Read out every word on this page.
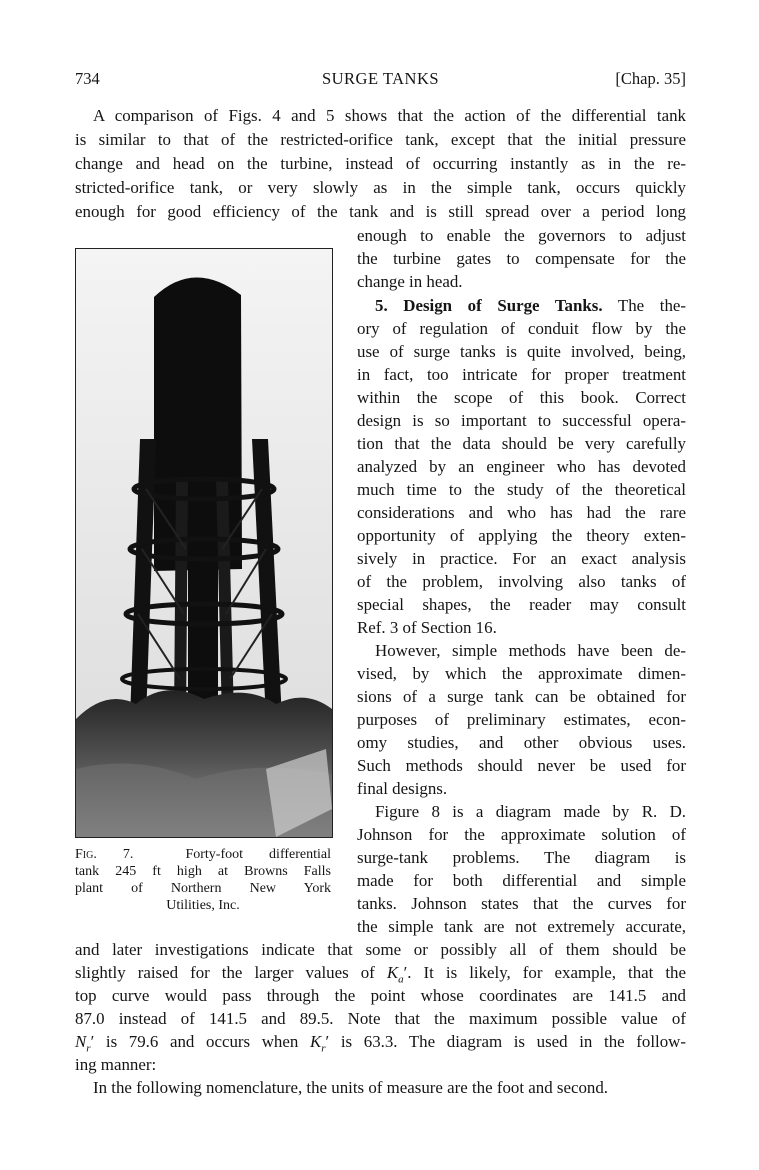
734	SURGE TANKS	[Chap. 35]
A comparison of Figs. 4 and 5 shows that the action of the differential tank
is similar to that of the restricted-orifice tank, except that the initial pressure
change and head on the turbine, instead of occurring instantly as in the re-
stricted-orifice tank, or very slowly as in the simple tank, occurs quickly
enough for good efficiency of the tank and is still spread over a period long
enough to enable the governors to adjust
the turbine gates to compensate for the
change in head.
5. Design of Surge Tanks. The the-
ory of regulation of conduit flow by the
use of surge tanks is quite involved, being,
in fact, too intricate for proper treatment
within the scope of this book. Correct
design is so important to successful opera-
tion that the data should be very carefully
analyzed by an engineer who has devoted
much time to the study of the theoretical
considerations and who has had the rare
opportunity of applying the theory exten-
sively in practice. For an exact analysis
of the problem, involving also tanks of
special shapes, the reader may consult
Ref. 3 of Section 16.
However, simple methods have been de-
vised, by which the approximate dimen-
sions of a surge tank can be obtained for
purposes of preliminary estimates, econ-
omy studies, and other obvious uses.
Such methods should never be used for
final designs.
Figure 8 is a diagram made by R. D.
Johnson for the approximate solution of
surge-tank problems. The diagram is
made for both differential and simple
tanks. Johnson states that the curves for
the simple tank are not extremely accurate,
and later investigations indicate that some or possibly all of them should be
slightly raised for the larger values of $K_a'$. It is likely, for example, that the
top curve would pass through the point whose coordinates are 141.5 and
87.0 instead of 141.5 and 89.5. Note that the maximum possible value of
$N_r'$ is 79.6 and occurs when $K_r'$ is 63.3. The diagram is used in the follow-
ing manner:
In the following nomenclature, the units of measure are the foot and second.
Fig. 7.	Forty-foot differential
tank 245 ft high at Browns Falls
plant of Northern New York
Utilities, Inc.
